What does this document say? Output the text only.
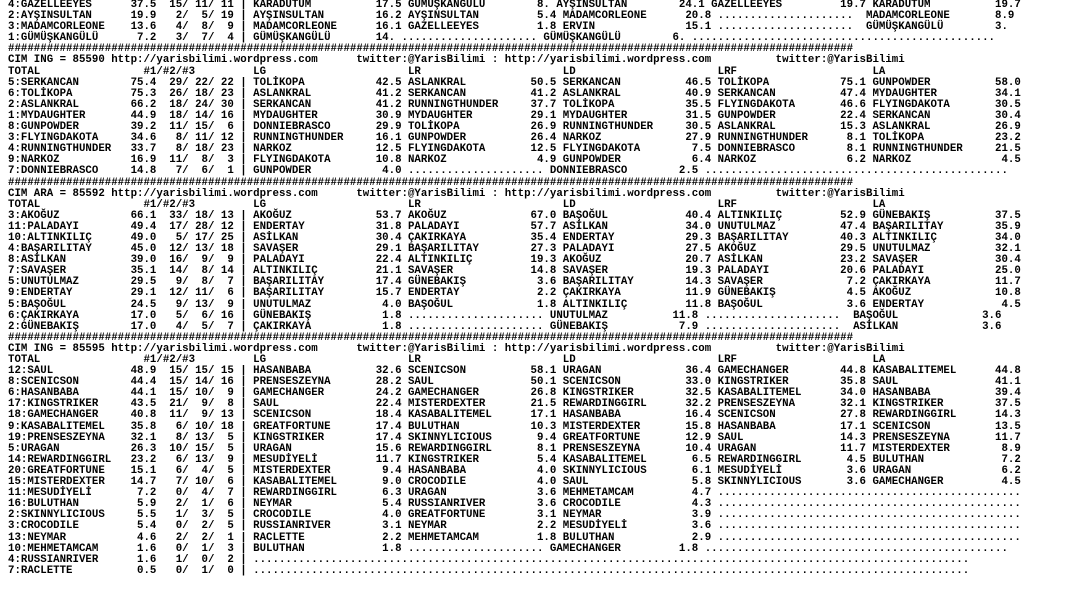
4:GAZELLEEYES      37.5  15/ 11/ 11 | KARADUTUM          17.5 GÜMÜŞKANGÜLÜ        8. AYŞINSULTAN        24.1 GAZELLEEYES         19.7 KARADUTUM          19.7
2:AYŞINSULTAN      19.9   2/  5/ 19 | AYŞINSULTAN        16.2 AYŞINSULTAN         5.4 MADAMCORLEONE      20.8 .....................  MADAMCORLEONE       8.9
3:MADAMCORLEONE    13.6   4/  8/  9 | MADAMCORLEONE      16.1 GAZELLEEYES         1.8 ERVIN              15.1 .....................  GÜMÜŞKANGÜLÜ        3.
1:GÜMÜŞKANGÜLÜ      7.2   3/  7/  4 | GÜMÜŞKANGÜLÜ       14. ..................... GÜMÜŞKANGÜLÜ        6. ...............................................
###################################################################################################################################
CIM ING = 85590 http://yarisbilimi.wordpress.com      twitter:@YarisBilimi : http://yarisbilimi.wordpress.com          twitter:@YarisBilimi
TOTAL                #1/#2/#3         LG                      LR                      LD                      LRF                     LA
5:SERKANCAN        75.4  29/ 22/ 22 | TOLİKOPA           42.5 ASLANKRAL          50.5 SERKANCAN          46.5 TOLİKOPA           75.1 GUNPOWDER          58.0
6:TOLİKOPA         75.3  26/ 18/ 23 | ASLANKRAL          41.2 SERKANCAN          41.2 ASLANKRAL          40.9 SERKANCAN          47.4 MYDAUGHTER         34.1
2:ASLANKRAL        66.2  18/ 24/ 30 | SERKANCAN          41.2 RUNNINGTHUNDER     37.7 TOLİKOPA           35.5 FLYINGDAKOTA       46.6 FLYINGDAKOTA       30.5
1:MYDAUGHTER       44.9  18/ 14/ 16 | MYDAUGHTER         30.9 MYDAUGHTER         29.1 MYDAUGHTER         31.5 GUNPOWDER          22.4 SERKANCAN          30.4
8:GUNPOWDER        39.2  11/ 15/  6 | DONNIEBRASCO       29.9 TOLİKOPA           26.9 RUNNINGTHUNDER     30.5 ASLANKRAL          15.3 ASLANKRAL          26.9
3:FLYINGDAKOTA     34.6   8/ 11/ 12 | RUNNINGTHUNDER     16.1 GUNPOWDER          26.4 NARKOZ             27.9 RUNNINGTHUNDER      8.1 TOLİKOPA           23.2
4:RUNNINGTHUNDER   33.7   8/ 18/ 23 | NARKOZ             12.5 FLYINGDAKOTA       12.5 FLYINGDAKOTA        7.5 DONNIEBRASCO        8.1 RUNNINGTHUNDER     21.5
9:NARKOZ           16.9  11/  8/  3 | FLYINGDAKOTA       10.8 NARKOZ              4.9 GUNPOWDER           6.4 NARKOZ              6.2 NARKOZ              4.5
7:DONNIEBRASCO     14.8   7/  6/  1 | GUNPOWDER           4.0 ..................... DONNIEBRASCO        2.5 ...............................................
###################################################################################################################################
CIM ARA = 85592 http://yarisbilimi.wordpress.com      twitter:@YarisBilimi : http://yarisbilimi.wordpress.com          twitter:@YarisBilimi
TOTAL                #1/#2/#3         LG                      LR                      LD                      LRF                     LA
3:AKOĞUZ           66.1  33/ 18/ 13 | AKOĞUZ             53.7 AKOĞUZ             67.0 BAŞOĞUL            40.4 ALTINKILIÇ         52.9 GÜNEBAKIŞ          37.5
11:PALADAYI        49.4  17/ 28/ 12 | ENDERTAY           31.8 PALADAYI           57.7 ASİLKAN            34.0 UNUTULMAZ          47.4 BAŞARILITAY        35.9
10:ALTINKILIÇ      49.0   5/ 17/ 25 | ASİLKAN            30.4 ÇAKIRKAYA          35.4 ENDERTAY           29.3 BAŞARILITAY        40.3 ALTINKILIÇ         34.0
4:BAŞARILITAY      45.0  12/ 13/ 18 | SAVAŞER            29.1 BAŞARILITAY        27.3 PALADAYI           27.5 AKOĞUZ             29.5 UNUTULMAZ          32.1
8:ASİLKAN          39.0  16/  9/  9 | PALADAYI           22.4 ALTINKILIÇ         19.3 AKOĞUZ             20.7 ASİLKAN            23.2 SAVAŞER            30.4
7:SAVAŞER          35.1  14/  8/ 14 | ALTINKILIÇ         21.1 SAVAŞER            14.8 SAVAŞER            19.3 PALADAYI           20.6 PALADAYI           25.0
5:UNUTULMAZ        29.5   9/  8/  7 | BAŞARILITAY        17.4 GÜNEBAKIŞ           3.6 BAŞARILITAY        14.3 SAVAŞER             7.2 ÇAKIRKAYA          11.7
9:ENDERTAY         29.1  12/ 11/  6 | BAŞARILITAY        15.7 ENDERTAY            2.2 ÇAKIRKAYA          11.9 GÜNEBAKIŞ           4.5 AKOĞUZ             10.8
5:BAŞOĞUL          24.5   9/ 13/  9 | UNUTULMAZ           4.0 BAŞOĞUL             1.8 ALTINKILIÇ         11.8 BAŞOĞUL             3.6 ENDERTAY            4.5
6:ÇAKIRKAYA        17.0   5/  6/ 16 | GÜNEBAKIŞ           1.8 ..................... UNUTULMAZ          11.8 .....................  BAŞOĞUL             3.6
2:GÜNEBAKIŞ        17.0   4/  5/  7 | ÇAKIRKAYA           1.8 ..................... GÜNEBAKIŞ           7.9 .....................  ASİLKAN             3.6
###################################################################################################################################
CIM ING = 85595 http://yarisbilimi.wordpress.com      twitter:@YarisBilimi : http://yarisbilimi.wordpress.com          twitter:@YarisBilimi
TOTAL                #1/#2/#3         LG                      LR                      LD                      LRF                     LA
12:SAUL            48.9  15/ 15/ 15 | HASANBABA          32.6 SCENICSON          58.1 URAGAN             36.4 GAMECHANGER        44.8 KASABALITEMEL      44.8
8:SCENICSON        44.4  15/ 14/ 16 | PRENSESZEYNA       28.2 SAUL               50.1 SCENICSON          33.0 KINGSTRIKER        35.8 SAUL               41.1
6:HASANBABA        44.1  15/ 10/  9 | GAMECHANGER        24.2 GAMECHANGER        26.8 KINGSTRIKER        32.5 KASABALITEMEL      34.0 HASANBABA          39.4
17:KINGSTRIKER     43.5  21/  9/  8 | SAUL               22.4 MISTERDEXTER       21.5 REWARDINGGIRL      32.2 PRENSESZEYNA       32.1 KINGSTRIKER        37.5
18:GAMECHANGER     40.8  11/  9/ 13 | SCENICSON          18.4 KASABALITEMEL      17.1 HASANBABA          16.4 SCENICSON          27.8 REWARDINGGIRL      14.3
9:KASABALITEMEL    35.8   6/ 10/ 18 | GREATFORTUNE       17.4 BULUTHAN           10.3 MISTERDEXTER       15.8 HASANBABA          17.1 SCENICSON          13.5
19:PRENSESZEYNA    32.1   8/ 13/  5 | KINGSTRIKER        17.4 SKINNYLICIOUS       9.4 GREATFORTUNE       12.9 SAUL               14.3 PRENSESZEYNA       11.7
5:URAGAN           26.3  10/ 15/  5 | URAGAN             15.6 REWARDINGGIRL       8.1 PRENSESZEYNA       10.4 URAGAN             11.7 MISTERDEXTER        8.9
14:REWARDINGGIRL   23.2   6/ 13/  9 | MESUDİYELİ         11.7 KINGSTRIKER         5.4 KASABALITEMEL       6.5 REWARDINGGIRL       4.5 BULUTHAN            7.2
20:GREATFORTUNE    15.1   6/  4/  5 | MISTERDEXTER        9.4 HASANBABA           4.0 SKINNYLICIOUS       6.1 MESUDİYELİ          3.6 URAGAN              6.2
15:MISTERDEXTER    14.7   7/ 10/  6 | KASABALITEMEL       9.0 CROCODILE           4.0 SAUL                5.8 SKINNYLICIOUS       3.6 GAMECHANGER         4.5
11:MESUDİYELİ       7.2   0/  4/  7 | REWARDINGGIRL       6.3 URAGAN              3.6 MEHMETAMCAM         4.7 ...............................................
16:BULUTHAN         5.9   2/  1/  6 | NEYMAR              5.4 RUSSIANRIVER        3.6 CROCODILE           4.3 ...............................................
2:SKINNYLICIOUS     5.5   1/  3/  5 | CROCODILE           4.0 GREATFORTUNE        3.1 NEYMAR              3.9 ...............................................
3:CROCODILE         5.4   0/  2/  5 | RUSSIANRIVER        3.1 NEYMAR              2.2 MESUDİYELİ          3.6 ...............................................
13:NEYMAR           4.6   2/  2/  1 | RACLETTE            2.2 MEHMETAMCAM         1.8 BULUTHAN            2.9 ...............................................
10:MEHMETAMCAM      1.6   0/  1/  3 | BULUTHAN            1.8 ..................... GAMECHANGER         1.8 ...............................................
4:RUSSIANRIVER      1.6   1/  0/  2 | ...............................................................................................................
7:RACLETTE          0.5   0/  1/  0 | ...............................................................................................................
